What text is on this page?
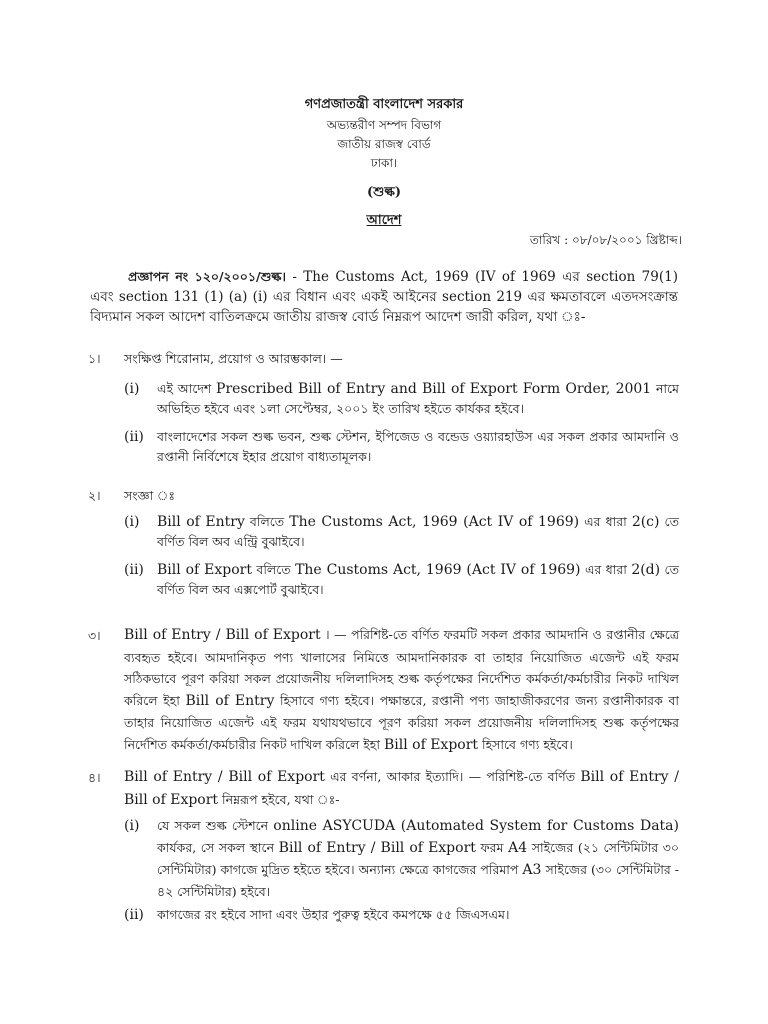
গণপ্রজাতন্ত্রী বাংলাদেশ সরকার
অভ্যন্তরীণ সম্পদ বিভাগ
জাতীয় রাজস্ব বোর্ড
ঢাকা।
(শুল্ক)
আদেশ
তারিখ : ০৮/০৮/২০০১ খ্রিষ্টাব্দ।
প্রজ্ঞাপন নং ১২০/২০০১/শুল্ক। - The Customs Act, 1969 (IV of 1969 এর section 79(1) এবং section 131 (1) (a) (i) এর বিধান এবং একই আইনের section 219 এর ক্ষমতাবলে এতদসংক্রান্ত বিদ্যমান সকল আদেশ বাতিলক্রমে জাতীয় রাজস্ব বোর্ড নিম্নরূপ আদেশ জারী করিল, যথা ঃ-
১। সংক্ষিপ্ত শিরোনাম, প্রয়োগ ও আরম্ভকাল। —
(i) এই আদেশ Prescribed Bill of Entry and Bill of Export Form Order, 2001 নামে অভিহিত হইবে এবং ১লা সেপ্টেম্বর, ২০০১ ইং তারিখ হইতে কার্যকর হইবে।
(ii) বাংলাদেশের সকল শুল্ক ভবন, শুল্ক স্টেশন, ইপিজেড ও বন্ডেড ওয়্যারহাউস এর সকল প্রকার আমদানি ও রপ্তানী নির্বিশেষে ইহার প্রয়োগ বাধ্যতামূলক।
২। সংজ্ঞা ঃ
(i) Bill of Entry বলিতে The Customs Act, 1969 (Act IV of 1969) এর ধারা 2(c) তে বর্ণিত বিল অব এন্ট্রি বুঝাইবে।
(ii) Bill of Export বলিতে The Customs Act, 1969 (Act IV of 1969) এর ধারা 2(d) তে বর্ণিত বিল অব এক্সপোর্ট বুঝাইবে।
৩। Bill of Entry / Bill of Export । — পরিশিষ্ট-তে বর্ণিত ফরমটি সকল প্রকার আমদানি ও রপ্তানীর ক্ষেত্রে ব্যবহৃত হইবে। আমদানিকৃত পণ্য খালাসের নিমিত্তে আমদানিকারক বা তাহার নিয়োজিত এজেন্ট এই ফরম সঠিকভাবে পূরণ করিয়া সকল প্রয়োজনীয় দলিলাদিসহ শুল্ক কর্তৃপক্ষের নির্দেশিত কর্মকর্তা/কর্মচারীর নিকট দাখিল করিলে ইহা Bill of Entry হিসাবে গণ্য হইবে। পক্ষান্তরে, রপ্তানী পণ্য জাহাজীকরণের জন্য রপ্তানীকারক বা তাহার নিয়োজিত এজেন্ট এই ফরম যথাযথভাবে পূরণ করিয়া সকল প্রয়োজনীয় দলিলাদিসহ শুল্ক কর্তৃপক্ষের নির্দেশিত কর্মকর্তা/কর্মচারীর নিকট দাখিল করিলে ইহা Bill of Export হিসাবে গণ্য হইবে।
৪। Bill of Entry / Bill of Export এর বর্ণনা, আকার ইত্যাদি। — পরিশিষ্ট-তে বর্ণিত Bill of Entry / Bill of Export নিম্নরূপ হইবে, যথা ঃ-
(i) যে সকল শুল্ক স্টেশনে online ASYCUDA (Automated System for Customs Data) কার্যকর, সে সকল স্থানে Bill of Entry / Bill of Export ফরম A4 সাইজের (২১ সেন্টিমিটার ৩০ সেন্টিমিটার) কাগজে মুদ্রিত হইতে হইবে। অন্যান্য ক্ষেত্রে কাগজের পরিমাপ A3 সাইজের (৩০ সেন্টিমিটার - ৪২ সেন্টিমিটার) হইবে।
(ii) কাগজের রং হইবে সাদা এবং উহার পুরুত্ব হইবে কমপক্ষে ৫৫ জিএসএম।
